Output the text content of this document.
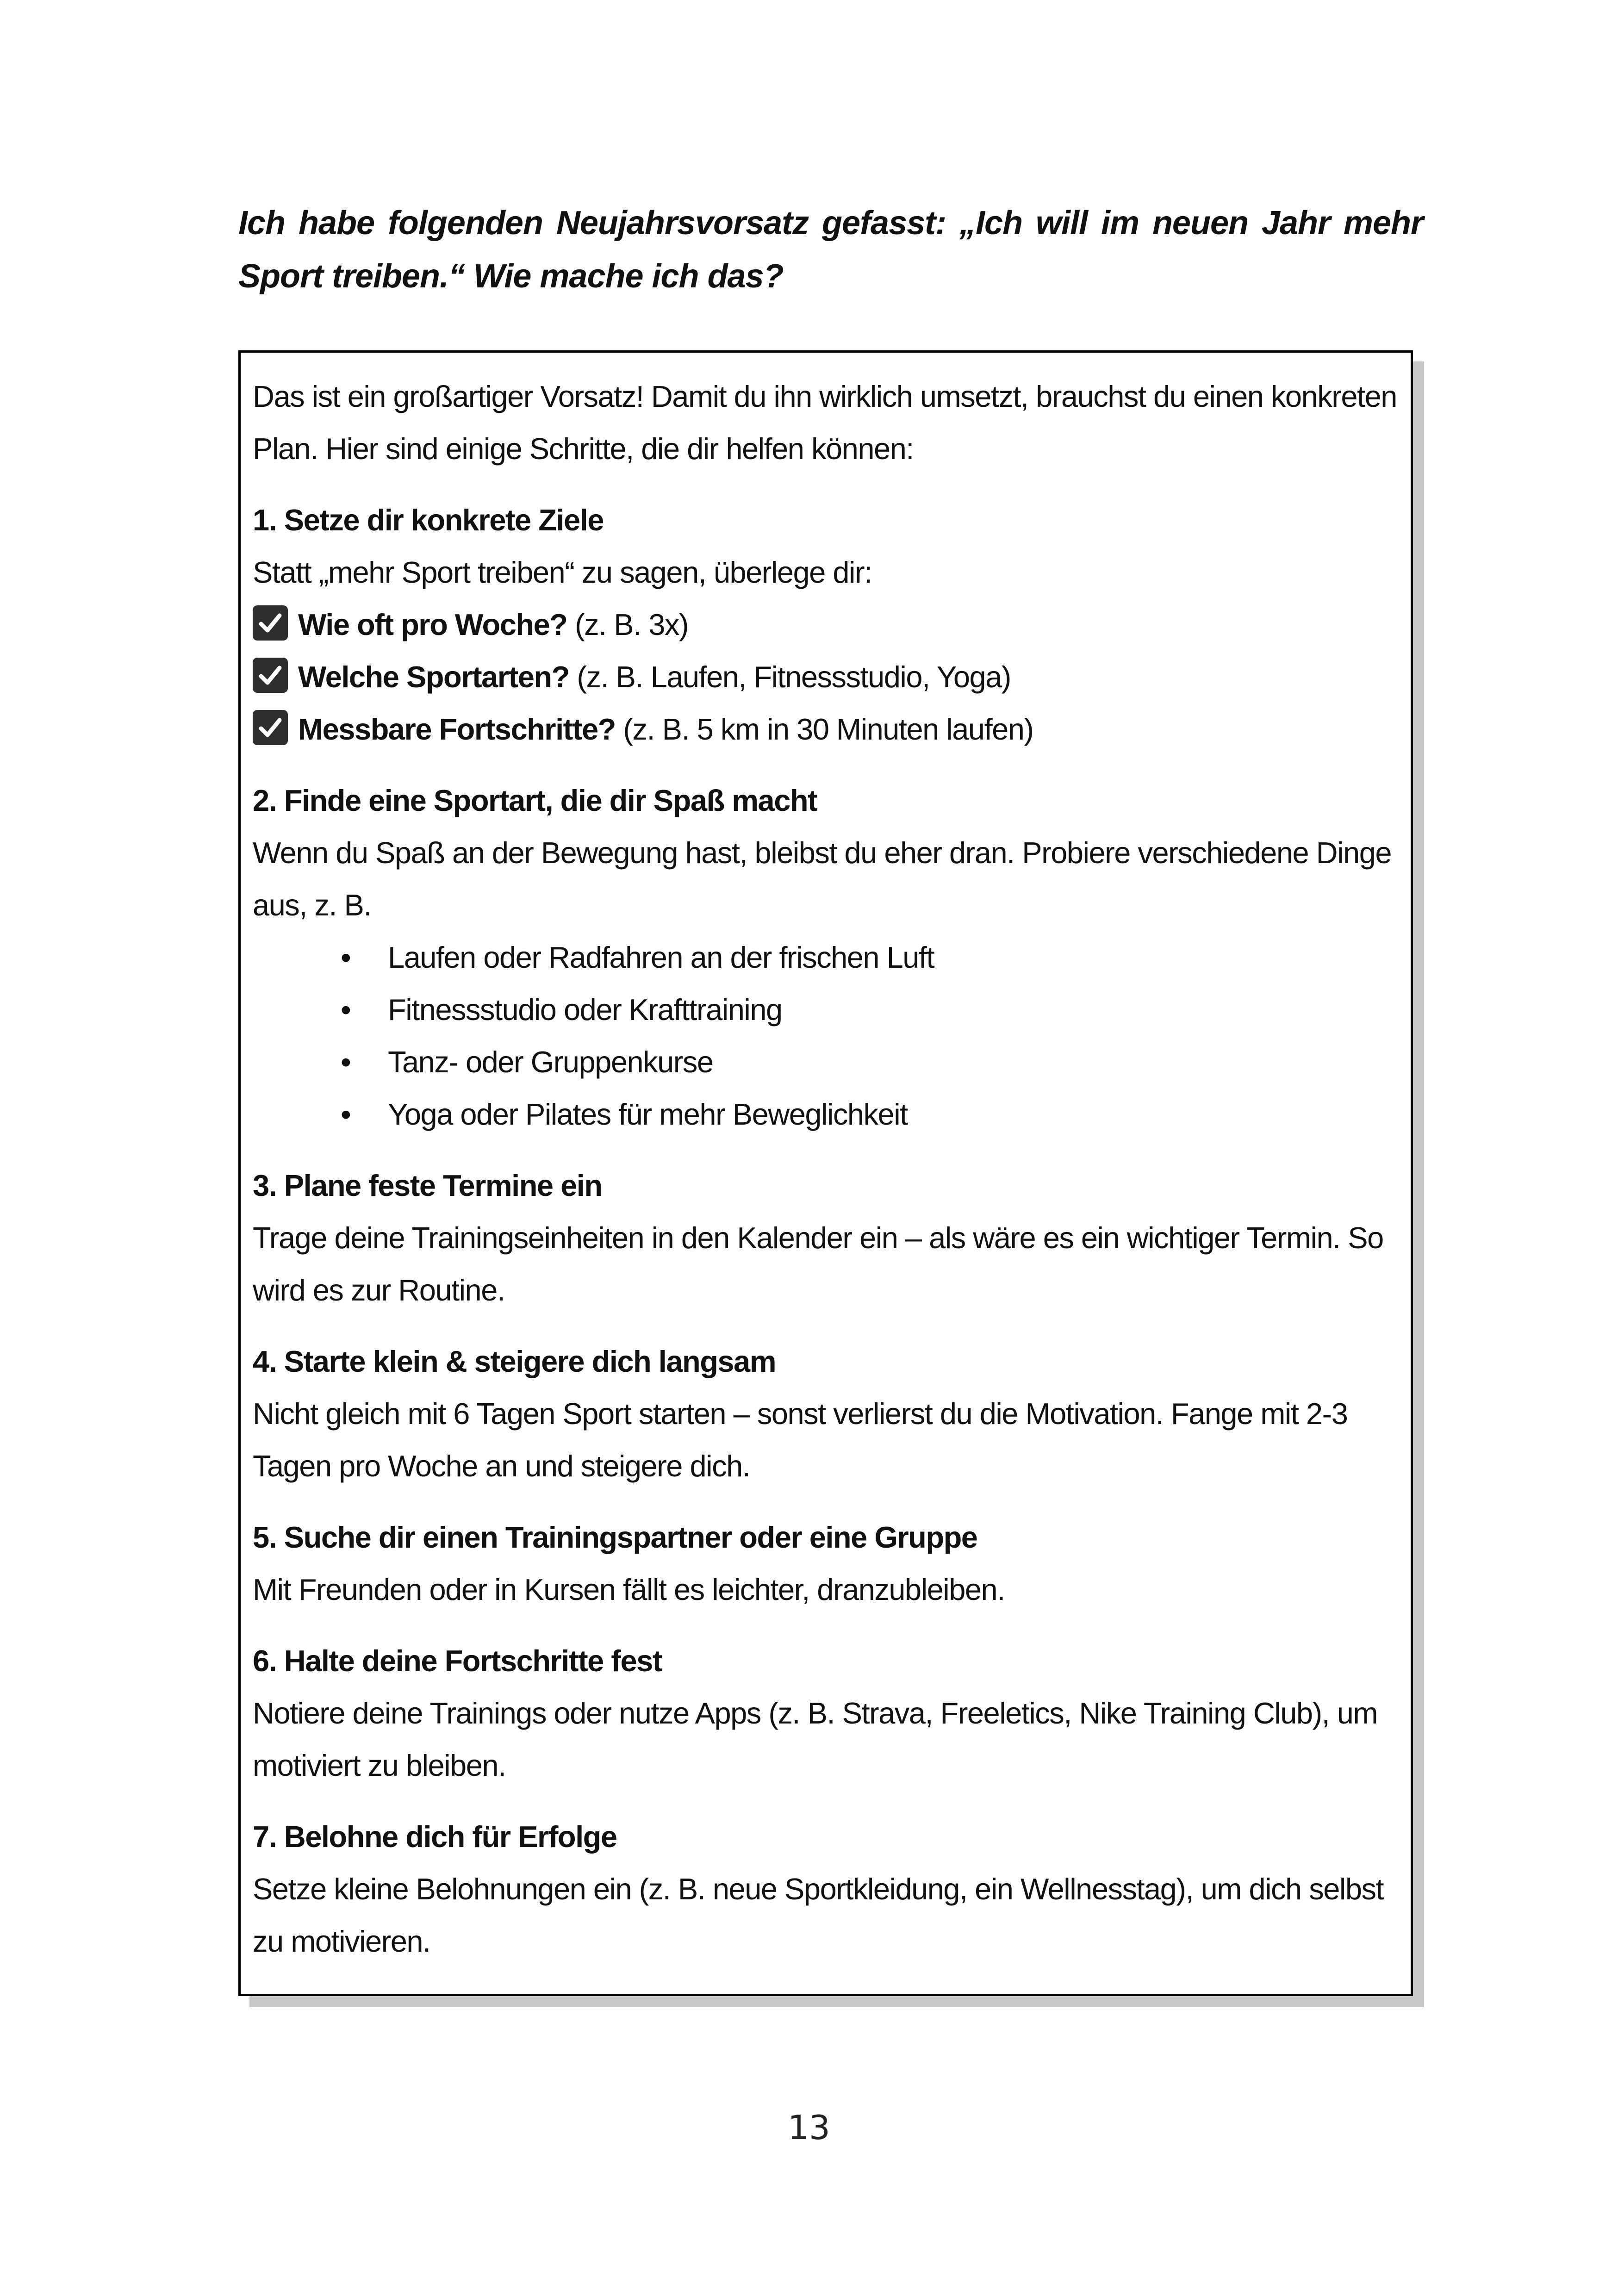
Ich habe folgenden Neujahrsvorsatz gefasst: „Ich will im neuen Jahr mehr Sport treiben.“ Wie mache ich das?

Das ist ein großartiger Vorsatz! Damit du ihn wirklich umsetzt, brauchst du einen konkreten Plan. Hier sind einige Schritte, die dir helfen können:

1. Setze dir konkrete Ziele

Statt „mehr Sport treiben“ zu sagen, überlege dir:

Wie oft pro Woche? (z. B. 3x)

Welche Sportarten? (z. B. Laufen, Fitnessstudio, Yoga)

Messbare Fortschritte? (z. B. 5 km in 30 Minuten laufen)

2. Finde eine Sportart, die dir Spaß macht

Wenn du Spaß an der Bewegung hast, bleibst du eher dran. Probiere verschiedene Dinge aus, z. B.

• Laufen oder Radfahren an der frischen Luft
• Fitnessstudio oder Krafttraining
• Tanz- oder Gruppenkurse
• Yoga oder Pilates für mehr Beweglichkeit

3. Plane feste Termine ein

Trage deine Trainingseinheiten in den Kalender ein – als wäre es ein wichtiger Termin. So wird es zur Routine.

4. Starte klein & steigere dich langsam

Nicht gleich mit 6 Tagen Sport starten – sonst verlierst du die Motivation. Fange mit 2-3 Tagen pro Woche an und steigere dich.

5. Suche dir einen Trainingspartner oder eine Gruppe

Mit Freunden oder in Kursen fällt es leichter, dranzubleiben.

6. Halte deine Fortschritte fest

Notiere deine Trainings oder nutze Apps (z. B. Strava, Freeletics, Nike Training Club), um motiviert zu bleiben.

7. Belohne dich für Erfolge

Setze kleine Belohnungen ein (z. B. neue Sportkleidung, ein Wellnesstag), um dich selbst zu motivieren.

13
